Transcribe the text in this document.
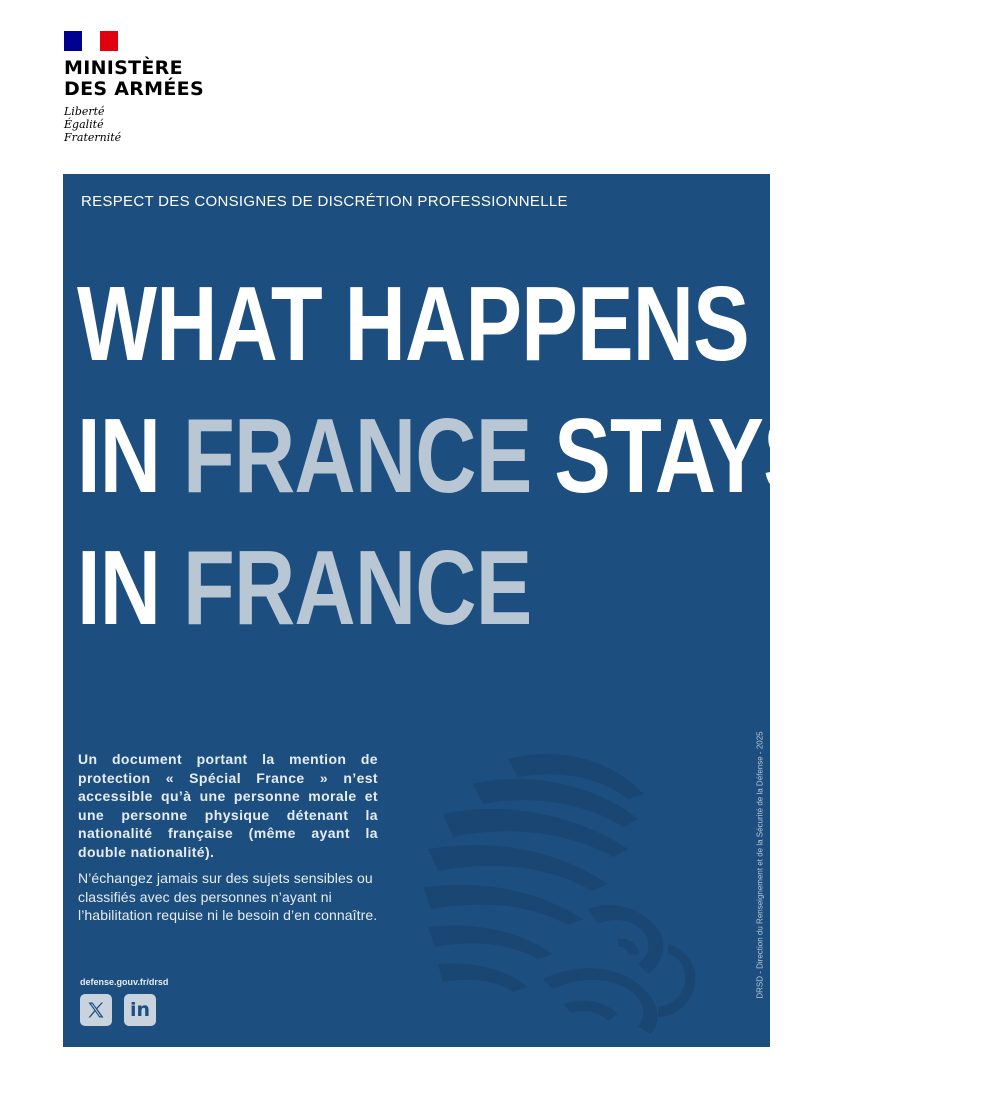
MINISTÈRE
DES ARMÉES
Liberté
Égalité
Fraternité
RESPECT DES CONSIGNES DE DISCRÉTION PROFESSIONNELLE
WHAT HAPPENS
IN FRANCE STAYS
IN FRANCE
Un document portant la mention de protection « Spécial France » n’est accessible qu’à une personne morale et une personne physique détenant la nationalité française (même ayant la double nationalité).
N’échangez jamais sur des sujets sensibles ou classifiés avec des personnes n’ayant ni l’habilitation requise ni le besoin d’en connaître.
defense.gouv.fr/drsd
in
DRSD - Direction du Renseignement et de la Sécurité de la Défense - 2025
